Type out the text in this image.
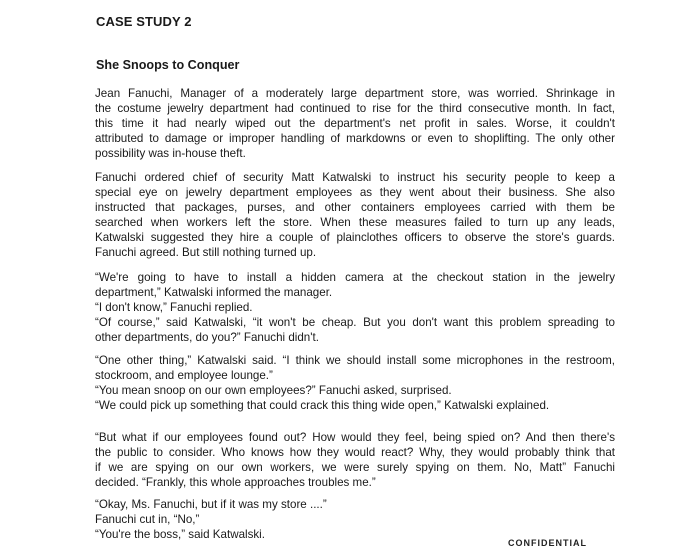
CASE STUDY 2
She Snoops to Conquer
Jean Fanuchi, Manager of a moderately large department store, was worried. Shrinkage in
the costume jewelry department had continued to rise for the third consecutive month. In fact,
this time it had nearly wiped out the department's net profit in sales. Worse, it couldn't
attributed to damage or improper handling of markdowns or even to shoplifting. The only other
possibility was in-house theft.
Fanuchi ordered chief of security Matt Katwalski to instruct his security people to keep a
special eye on jewelry department employees as they went about their business. She also
instructed that packages, purses, and other containers employees carried with them be
searched when workers left the store. When these measures failed to turn up any leads,
Katwalski suggested they hire a couple of plainclothes officers to observe the store's guards.
Fanuchi agreed. But still nothing turned up.
“We're going to have to install a hidden camera at the checkout station in the jewelry
department,” Katwalski informed the manager.
“I don't know,” Fanuchi replied.
“Of course,” said Katwalski, “it won't be cheap. But you don't want this problem spreading to
other departments, do you?” Fanuchi didn't.
“One other thing,” Katwalski said. “I think we should install some microphones in the restroom,
stockroom, and employee lounge.”
“You mean snoop on our own employees?” Fanuchi asked, surprised.
“We could pick up something that could crack this thing wide open,” Katwalski explained.
“But what if our employees found out? How would they feel, being spied on? And then there's
the public to consider. Who knows how they would react? Why, they would probably think that
if we are spying on our own workers, we were surely spying on them. No, Matt” Fanuchi
decided. “Frankly, this whole approaches troubles me.”
“Okay, Ms. Fanuchi, but if it was my store ....”
Fanuchi cut in, “No,”
“You're the boss,” said Katwalski.
CONFIDENTIAL
